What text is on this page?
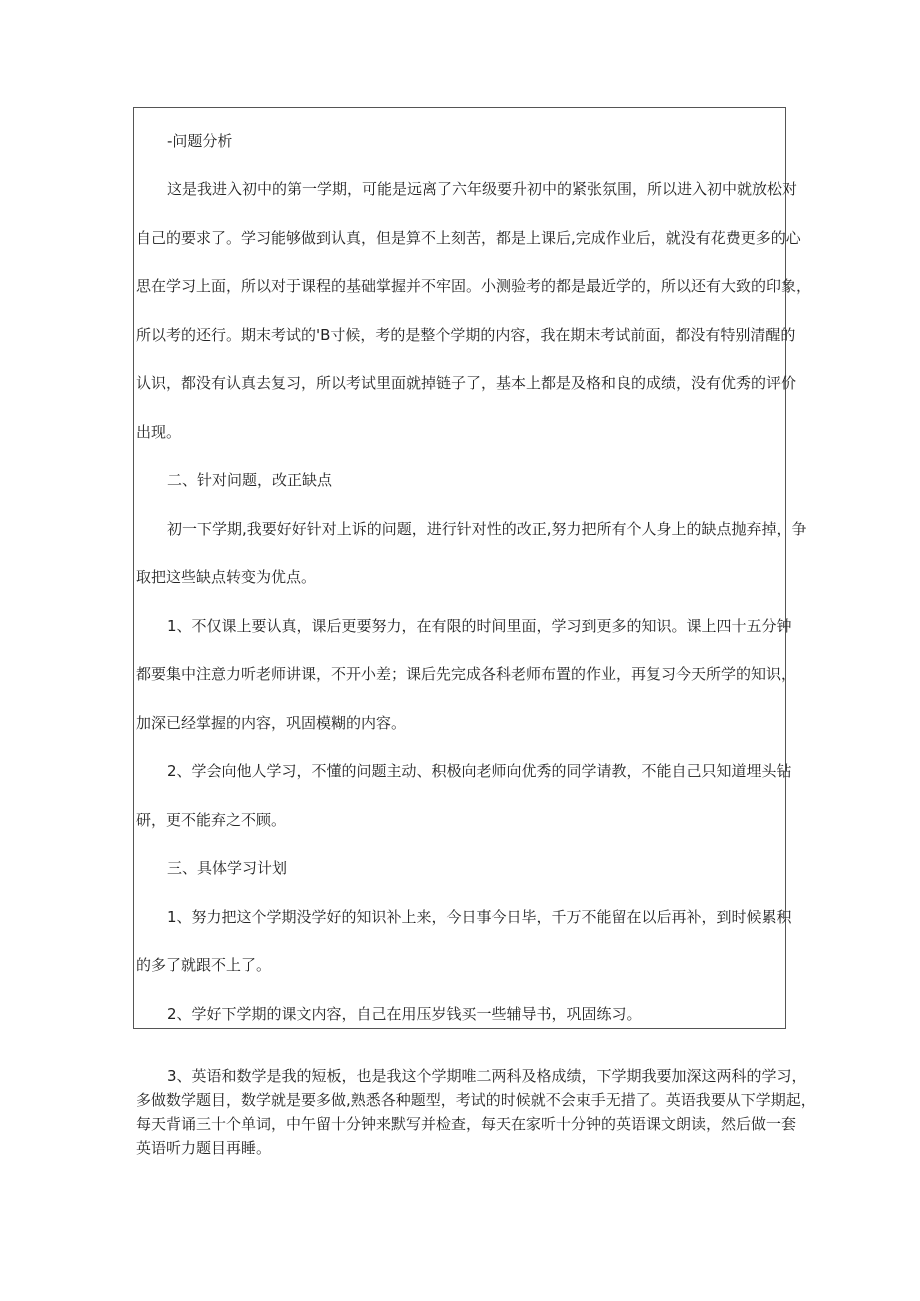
-问题分析
这是我进入初中的第一学期，可能是远离了六年级要升初中的紧张氛围，所以进入初中就放松对
自己的要求了。学习能够做到认真，但是算不上刻苦，都是上课后,完成作业后，就没有花费更多的心
思在学习上面，所以对于课程的基础掌握并不牢固。小测验考的都是最近学的，所以还有大致的印象，
所以考的还行。期末考试的'B寸候，考的是整个学期的内容，我在期末考试前面，都没有特别清醒的
认识，都没有认真去复习，所以考试里面就掉链子了，基本上都是及格和良的成绩，没有优秀的评价
出现。
二、针对问题，改正缺点
初一下学期,我要好好针对上诉的问题，进行针对性的改正,努力把所有个人身上的缺点抛弃掉，争
取把这些缺点转变为优点。
1、不仅课上要认真，课后更要努力，在有限的时间里面，学习到更多的知识。课上四十五分钟
都要集中注意力听老师讲课，不开小差；课后先完成各科老师布置的作业，再复习今天所学的知识，
加深已经掌握的内容，巩固模糊的内容。
2、学会向他人学习，不懂的问题主动、积极向老师向优秀的同学请教，不能自己只知道埋头钻
研，更不能弃之不顾。
三、具体学习计划
1、努力把这个学期没学好的知识补上来，今日事今日毕，千万不能留在以后再补，到时候累积
的多了就跟不上了。
2、学好下学期的课文内容，自己在用压岁钱买一些辅导书，巩固练习。
3、英语和数学是我的短板，也是我这个学期唯二两科及格成绩，下学期我要加深这两科的学习，
多做数学题目，数学就是要多做,熟悉各种题型，考试的时候就不会束手无措了。英语我要从下学期起，
每天背诵三十个单词，中午留十分钟来默写并检查，每天在家听十分钟的英语课文朗读，然后做一套
英语听力题目再睡。
